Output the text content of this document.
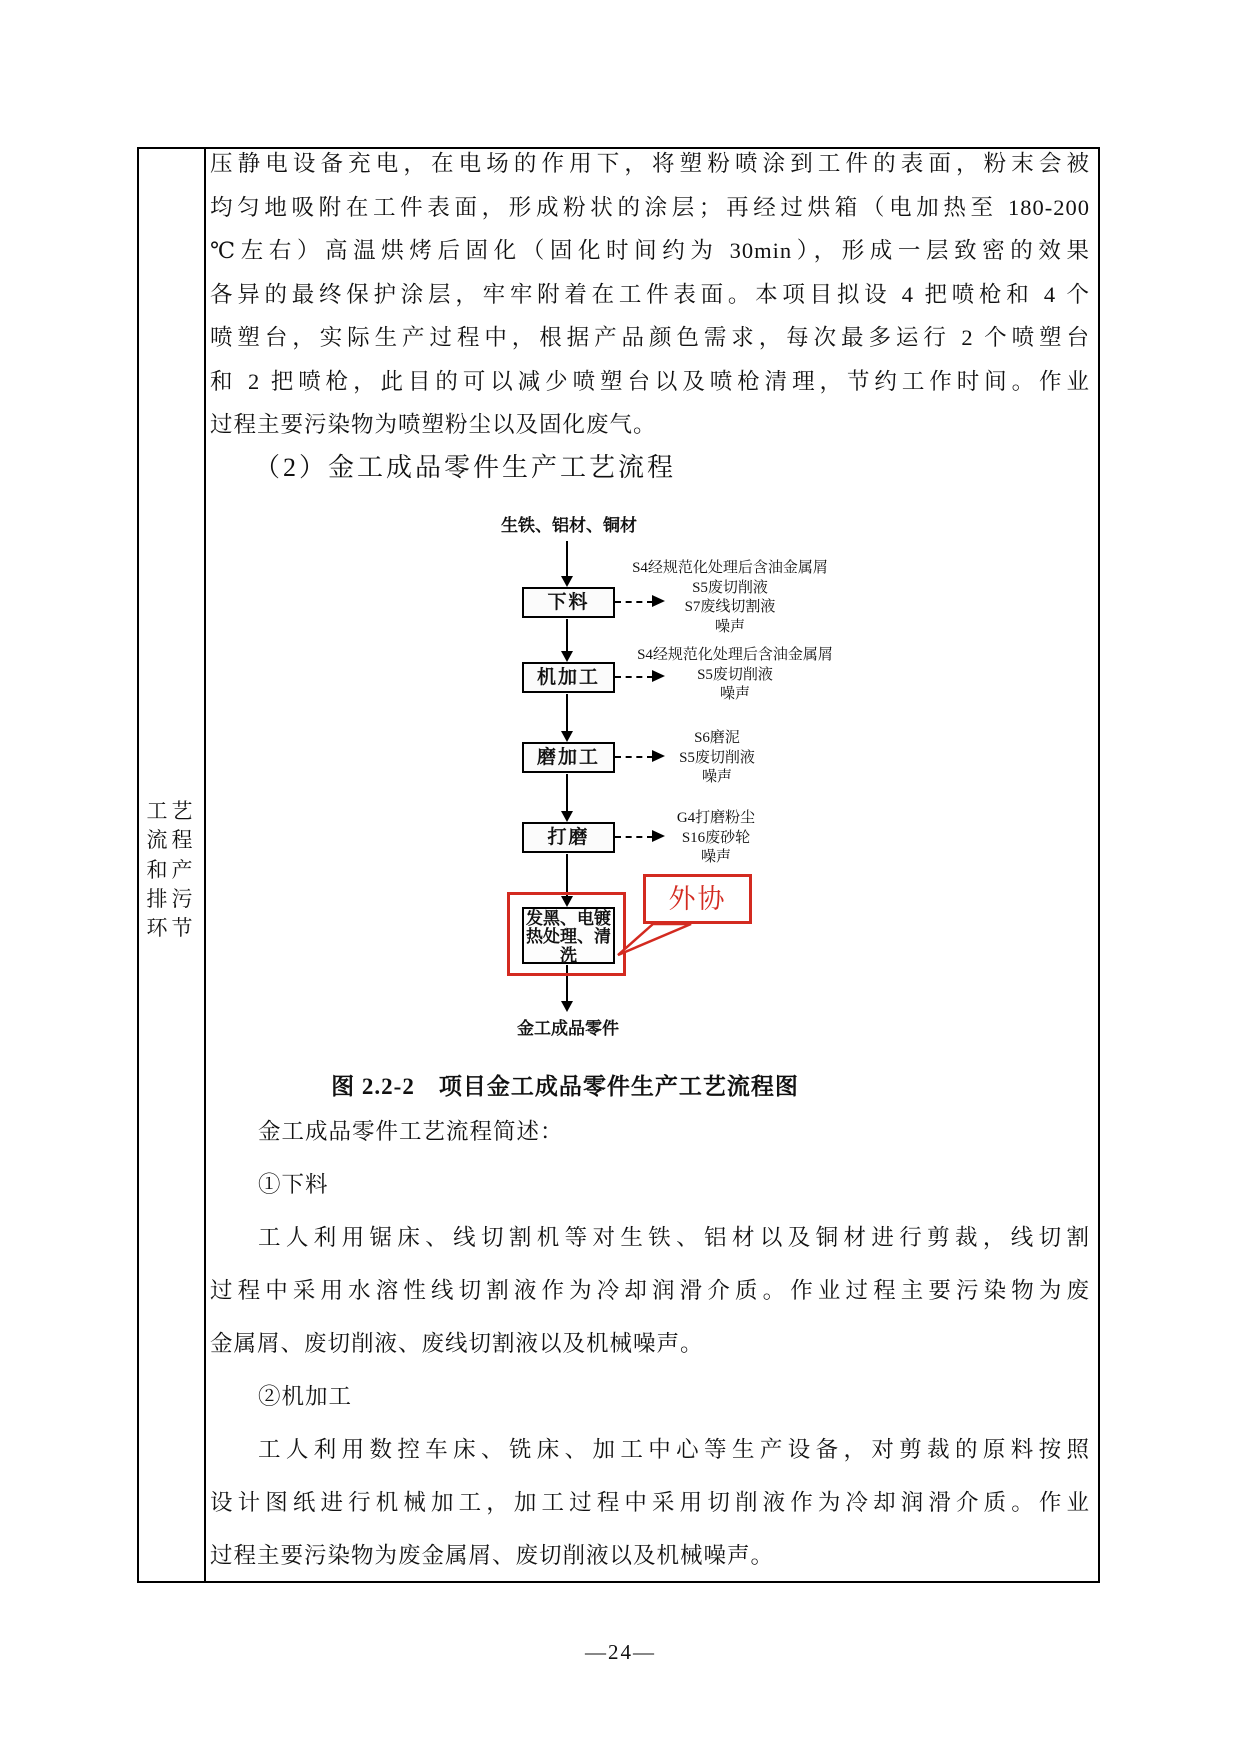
工艺
流程
和产
排污
环节
压静电设备充电，在电场的作用下，将塑粉喷涂到工件的表面，粉末会被
均匀地吸附在工件表面，形成粉状的涂层；再经过烘箱（电加热至 180-200
℃左右）高温烘烤后固化（固化时间约为 30min），形成一层致密的效果
各异的最终保护涂层，牢牢附着在工件表面。本项目拟设 4 把喷枪和 4 个
喷塑台，实际生产过程中，根据产品颜色需求，每次最多运行 2 个喷塑台
和 2 把喷枪，此目的可以减少喷塑台以及喷枪清理，节约工作时间。作业
过程主要污染物为喷塑粉尘以及固化废气。
（2）金工成品零件生产工艺流程
生铁、铝材、铜材
下料
机加工
磨加工
打磨
S4经规范化处理后含油金属屑
S5废切削液
S7废线切割液
噪声
S4经规范化处理后含油金属屑
S5废切削液
噪声
S6磨泥
S5废切削液
噪声
G4打磨粉尘
S16废砂轮
噪声
发黑、电镀
热处理、清
洗
外协
金工成品零件
图 2.2-2　项目金工成品零件生产工艺流程图
金工成品零件工艺流程简述：
①下料
工人利用锯床、线切割机等对生铁、铝材以及铜材进行剪裁，线切割
过程中采用水溶性线切割液作为冷却润滑介质。作业过程主要污染物为废
金属屑、废切削液、废线切割液以及机械噪声。
②机加工
工人利用数控车床、铣床、加工中心等生产设备，对剪裁的原料按照
设计图纸进行机械加工，加工过程中采用切削液作为冷却润滑介质。作业
过程主要污染物为废金属屑、废切削液以及机械噪声。
—24—
